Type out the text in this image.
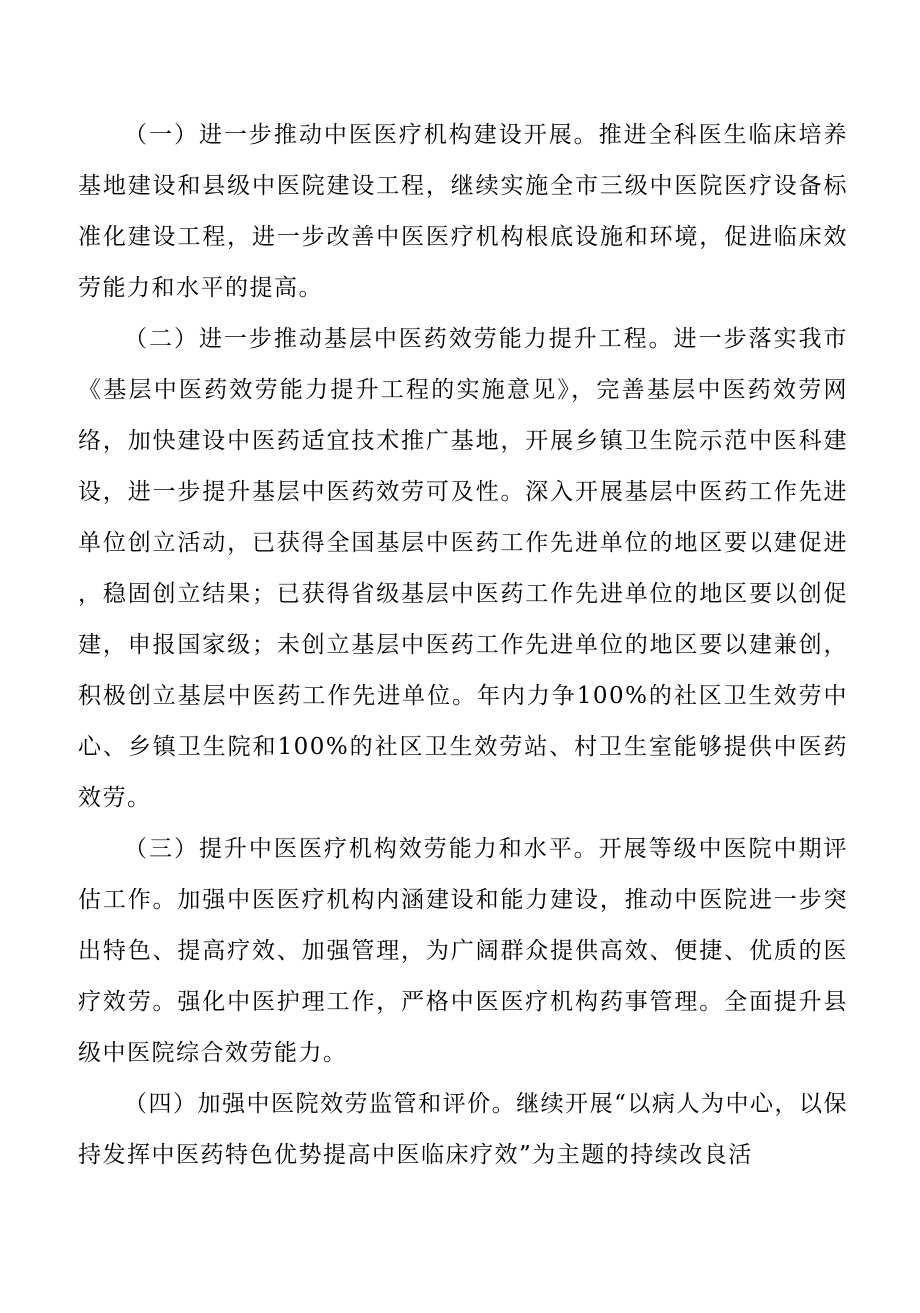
（一）进一步推动中医医疗机构建设开展。推进全科医生临床培养基地建设和县级中医院建设工程，继续实施全市三级中医院医疗设备标准化建设工程，进一步改善中医医疗机构根底设施和环境，促进临床效劳能力和水平的提高。

（二）进一步推动基层中医药效劳能力提升工程。进一步落实我市《基层中医药效劳能力提升工程的实施意见》，完善基层中医药效劳网络，加快建设中医药适宜技术推广基地，开展乡镇卫生院示范中医科建设，进一步提升基层中医药效劳可及性。深入开展基层中医药工作先进单位创立活动，已获得全国基层中医药工作先进单位的地区要以建促进，稳固创立结果；已获得省级基层中医药工作先进单位的地区要以创促建，申报国家级；未创立基层中医药工作先进单位的地区要以建兼创，积极创立基层中医药工作先进单位。年内力争100%的社区卫生效劳中心、乡镇卫生院和100%的社区卫生效劳站、村卫生室能够提供中医药效劳。

（三）提升中医医疗机构效劳能力和水平。开展等级中医院中期评估工作。加强中医医疗机构内涵建设和能力建设，推动中医院进一步突出特色、提高疗效、加强管理，为广阔群众提供高效、便捷、优质的医疗效劳。强化中医护理工作，严格中医医疗机构药事管理。全面提升县级中医院综合效劳能力。

（四）加强中医院效劳监管和评价。继续开展“以病人为中心，以保持发挥中医药特色优势提高中医临床疗效”为主题的持续改良活
